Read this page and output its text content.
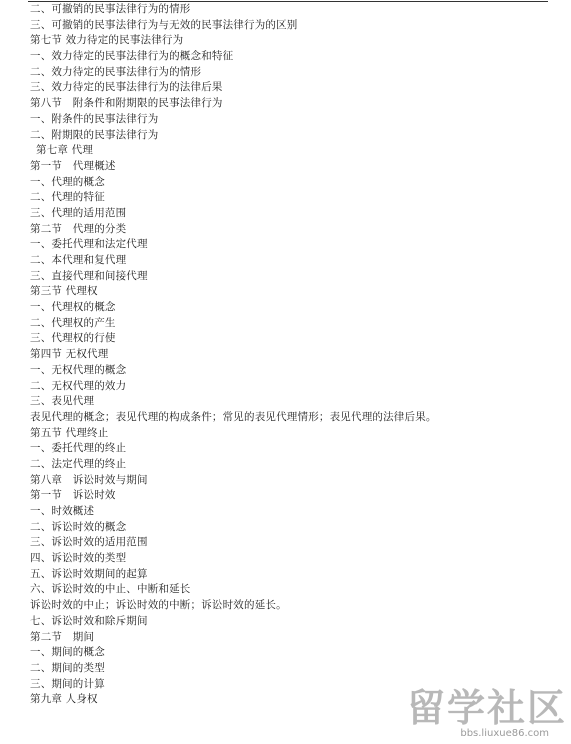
二、可撤销的民事法律行为的情形
三、可撤销的民事法律行为与无效的民事法律行为的区别
第七节 效力待定的民事法律行为
一、效力待定的民事法律行为的概念和特征
二、效力待定的民事法律行为的情形
三、效力待定的民事法律行为的法律后果
第八节　附条件和附期限的民事法律行为
一、附条件的民事法律行为
二、附期限的民事法律行为
第七章 代理
第一节　代理概述
一、代理的概念
二、代理的特征
三、代理的适用范围
第二节　代理的分类
一、委托代理和法定代理
二、本代理和复代理
三、直接代理和间接代理
第三节 代理权
一、代理权的概念
二、代理权的产生
三、代理权的行使
第四节 无权代理
一、无权代理的概念
二、无权代理的效力
三、表见代理
表见代理的概念；表见代理的构成条件；常见的表见代理情形；表见代理的法律后果。
第五节 代理终止
一、委托代理的终止
二、法定代理的终止
第八章　诉讼时效与期间
第一节　诉讼时效
一、时效概述
二、诉讼时效的概念
三、诉讼时效的适用范围
四、诉讼时效的类型
五、诉讼时效期间的起算
六、诉讼时效的中止、中断和延长
诉讼时效的中止；诉讼时效的中断；诉讼时效的延长。
七、诉讼时效和除斥期间
第二节　期间
一、期间的概念
二、期间的类型
三、期间的计算
第九章 人身权	留学社区
bbs.liuxue86.com
